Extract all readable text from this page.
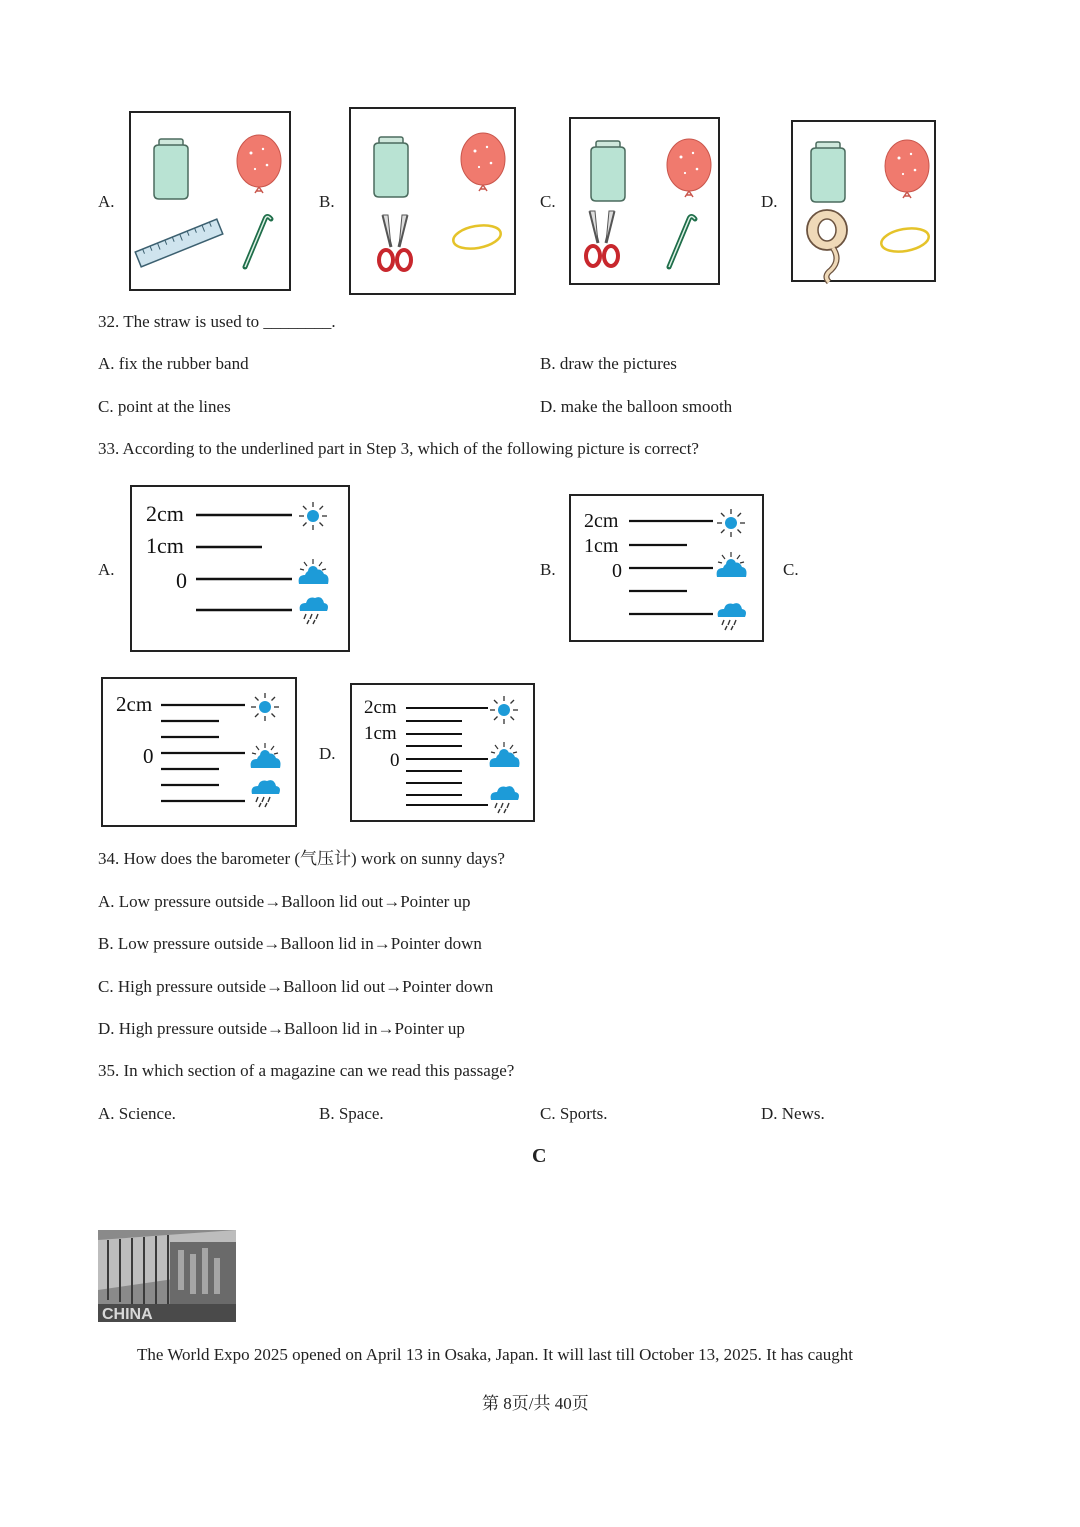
A.	B.	C.	D.
32. The straw is used to ________.
A. fix the rubber band	B. draw the pictures
C. point at the lines	D. make the balloon smooth
33. According to the underlined part in Step 3, which of the following picture is correct?
A.	B.	C.
D.
2cm
1cm
0
2cm
1cm
0
2cm
0
2cm
1cm
0
34. How does the barometer (气压计) work on sunny days?
A. Low pressure outside→Balloon lid out→Pointer up
B. Low pressure outside→Balloon lid in→Pointer down
C. High pressure outside→Balloon lid out→Pointer down
D. High pressure outside→Balloon lid in→Pointer up
35. In which section of a magazine can we read this passage?
A. Science.	B. Space.	C. Sports.	D. News.
C
CHINA
The World Expo 2025 opened on April 13 in Osaka, Japan. It will last till October 13, 2025. It has caught
第 8页/共 40页
